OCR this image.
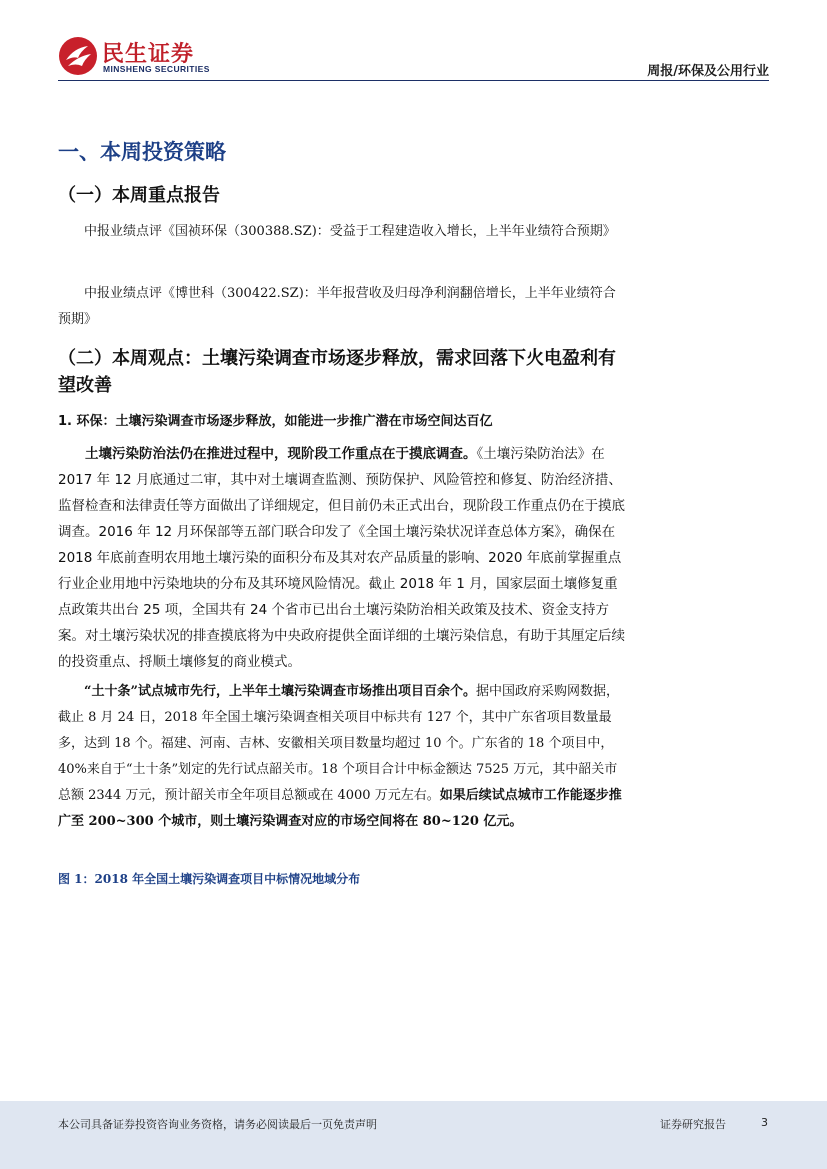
民生证券
MINSHENG SECURITIES	周报/环保及公用行业
一、本周投资策略
（一）本周重点报告
中报业绩点评《国祯环保（300388.SZ)：受益于工程建造收入增长，上半年业绩符合预期》
中报业绩点评《博世科（300422.SZ)：半年报营收及归母净利润翻倍增长，上半年业绩符合预期》
（二）本周观点：土壤污染调查市场逐步释放，需求回落下火电盈利有望改善
1. 环保：土壤污染调查市场逐步释放，如能进一步推广潜在市场空间达百亿
土壤污染防治法仍在推进过程中，现阶段工作重点在于摸底调查。《土壤污染防治法》在 2017 年 12 月底通过二审，其中对土壤调查监测、预防保护、风险管控和修复、防治经济措、监督检查和法律责任等方面做出了详细规定，但目前仍未正式出台，现阶段工作重点仍在于摸底调查。2016 年 12 月环保部等五部门联合印发了《全国土壤污染状况详查总体方案》，确保在 2018 年底前查明农用地土壤污染的面积分布及其对农产品质量的影响、2020 年底前掌握重点行业企业用地中污染地块的分布及其环境风险情况。截止 2018 年 1 月，国家层面土壤修复重点政策共出台 25 项，全国共有 24 个省市已出台土壤污染防治相关政策及技术、资金支持方案。对土壤污染状况的排查摸底将为中央政府提供全面详细的土壤污染信息，有助于其厘定后续的投资重点、捋顺土壤修复的商业模式。
“土十条”试点城市先行，上半年土壤污染调查市场推出项目百余个。据中国政府采购网数据，截止 8 月 24 日，2018 年全国土壤污染调查相关项目中标共有 127 个，其中广东省项目数量最多，达到 18 个。福建、河南、吉林、安徽相关项目数量均超过 10 个。广东省的 18 个项目中，40%来自于“土十条”划定的先行试点韶关市。18 个项目合计中标金额达 7525 万元，其中韶关市总额 2344 万元，预计韶关市全年项目总额或在 4000 万元左右。如果后续试点城市工作能逐步推广至 200~300 个城市，则土壤污染调查对应的市场空间将在 80~120 亿元。
图 1：2018 年全国土壤污染调查项目中标情况地域分布
本公司具备证券投资咨询业务资格，请务必阅读最后一页免责声明	证券研究报告	3
